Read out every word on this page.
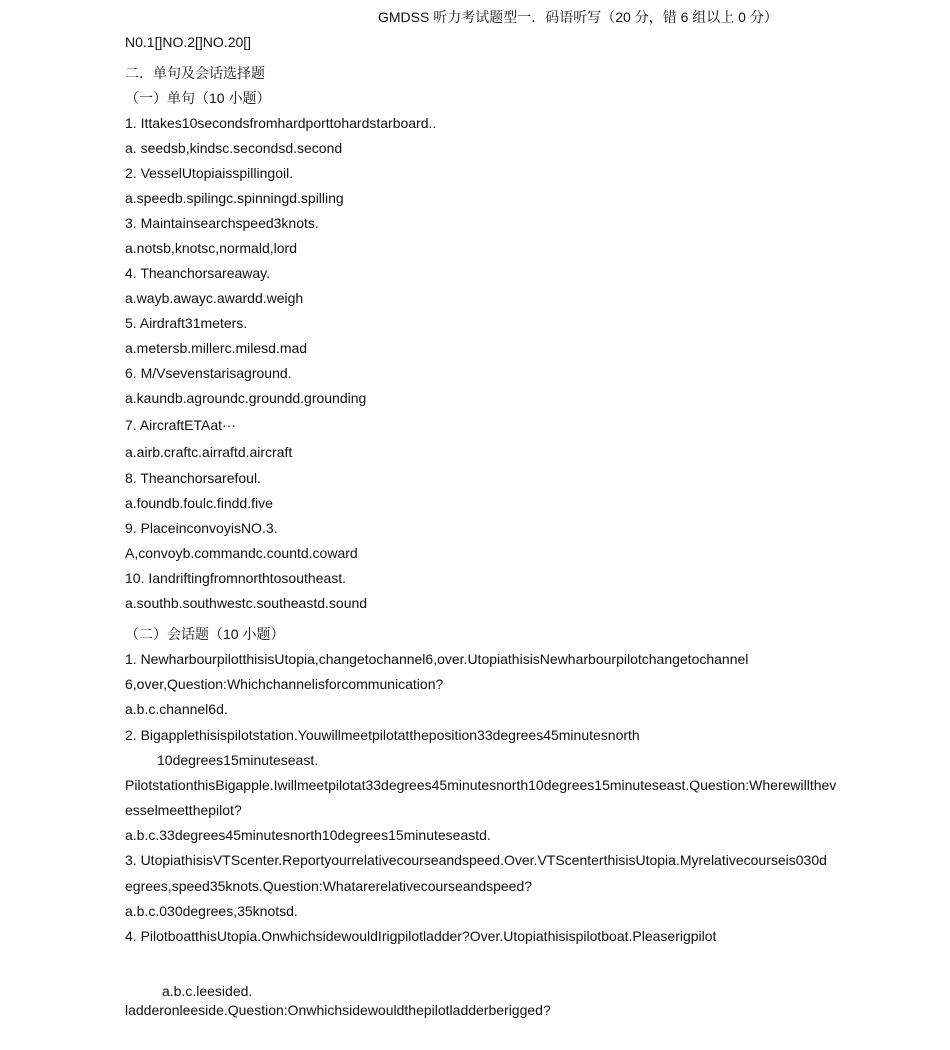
GMDSS 听力考试题型一．码语听写（20 分，错 6 组以上 0 分）
N0.1[]NO.2[]NO.20[]
二．单句及会话选择题
（一）单句（10 小题）
1. Ittakes10secondsfromhardporttohardstarboard..
a. seedsb,kindsc.secondsd.second
2. VesselUtopiaisspillingoil.
a.speedb.spilingc.spinningd.spilling
3. Maintainsearchspeed3knots.
a.notsb,knotsc,normald,lord
4. Theanchorsareaway.
a.wayb.awayc.awardd.weigh
5. Airdraft31meters.
a.metersb.millerc.milesd.mad
6. M/Vsevenstarisaground.
a.kaundb.agroundc.groundd.grounding
7. AircraftETAat···
a.airb.craftc.airraftd.aircraft
8. Theanchorsarefoul.
a.foundb.foulc.findd.five
9. PlaceinconvoyisNO.3.
A,convoyb.commandc.countd.coward
10. Iandriftingfromnorthtosoutheast.
a.southb.southwestc.southeastd.sound
（二）会话题（10 小题）
1. NewharbourpilotthisisUtopia,changetochannel6,over.UtopiathisisNewharbourpilotchangetochannel
6,over,Question:Whichchannelisforcommunication?
a.b.c.channel6d.
2. Bigapplethisispilotstation.Youwillmeetpilotattheposition33degrees45minutesnorth
10degrees15minuteseast.
PilotstationthisBigapple.Iwillmeetpilotat33degrees45minutesnorth10degrees15minuteseast.Question:Wherewillthev
esselmeetthepilot?
a.b.c.33degrees45minutesnorth10degrees15minuteseastd.
3. UtopiathisisVTScenter.Reportyourrelativecourseandspeed.Over.VTScenterthisisUtopia.Myrelativecourseis030d
egrees,speed35knots.Question:Whatarerelativecourseandspeed?
a.b.c.030degrees,35knotsd.
4. PilotboatthisUtopia.OnwhichsidewouldIrigpilotladder?Over.Utopiathisispilotboat.Pleaserigpilot
a.b.c.leesided.
ladderonleeside.Question:Onwhichsidewouldthepilotladderberigged?
